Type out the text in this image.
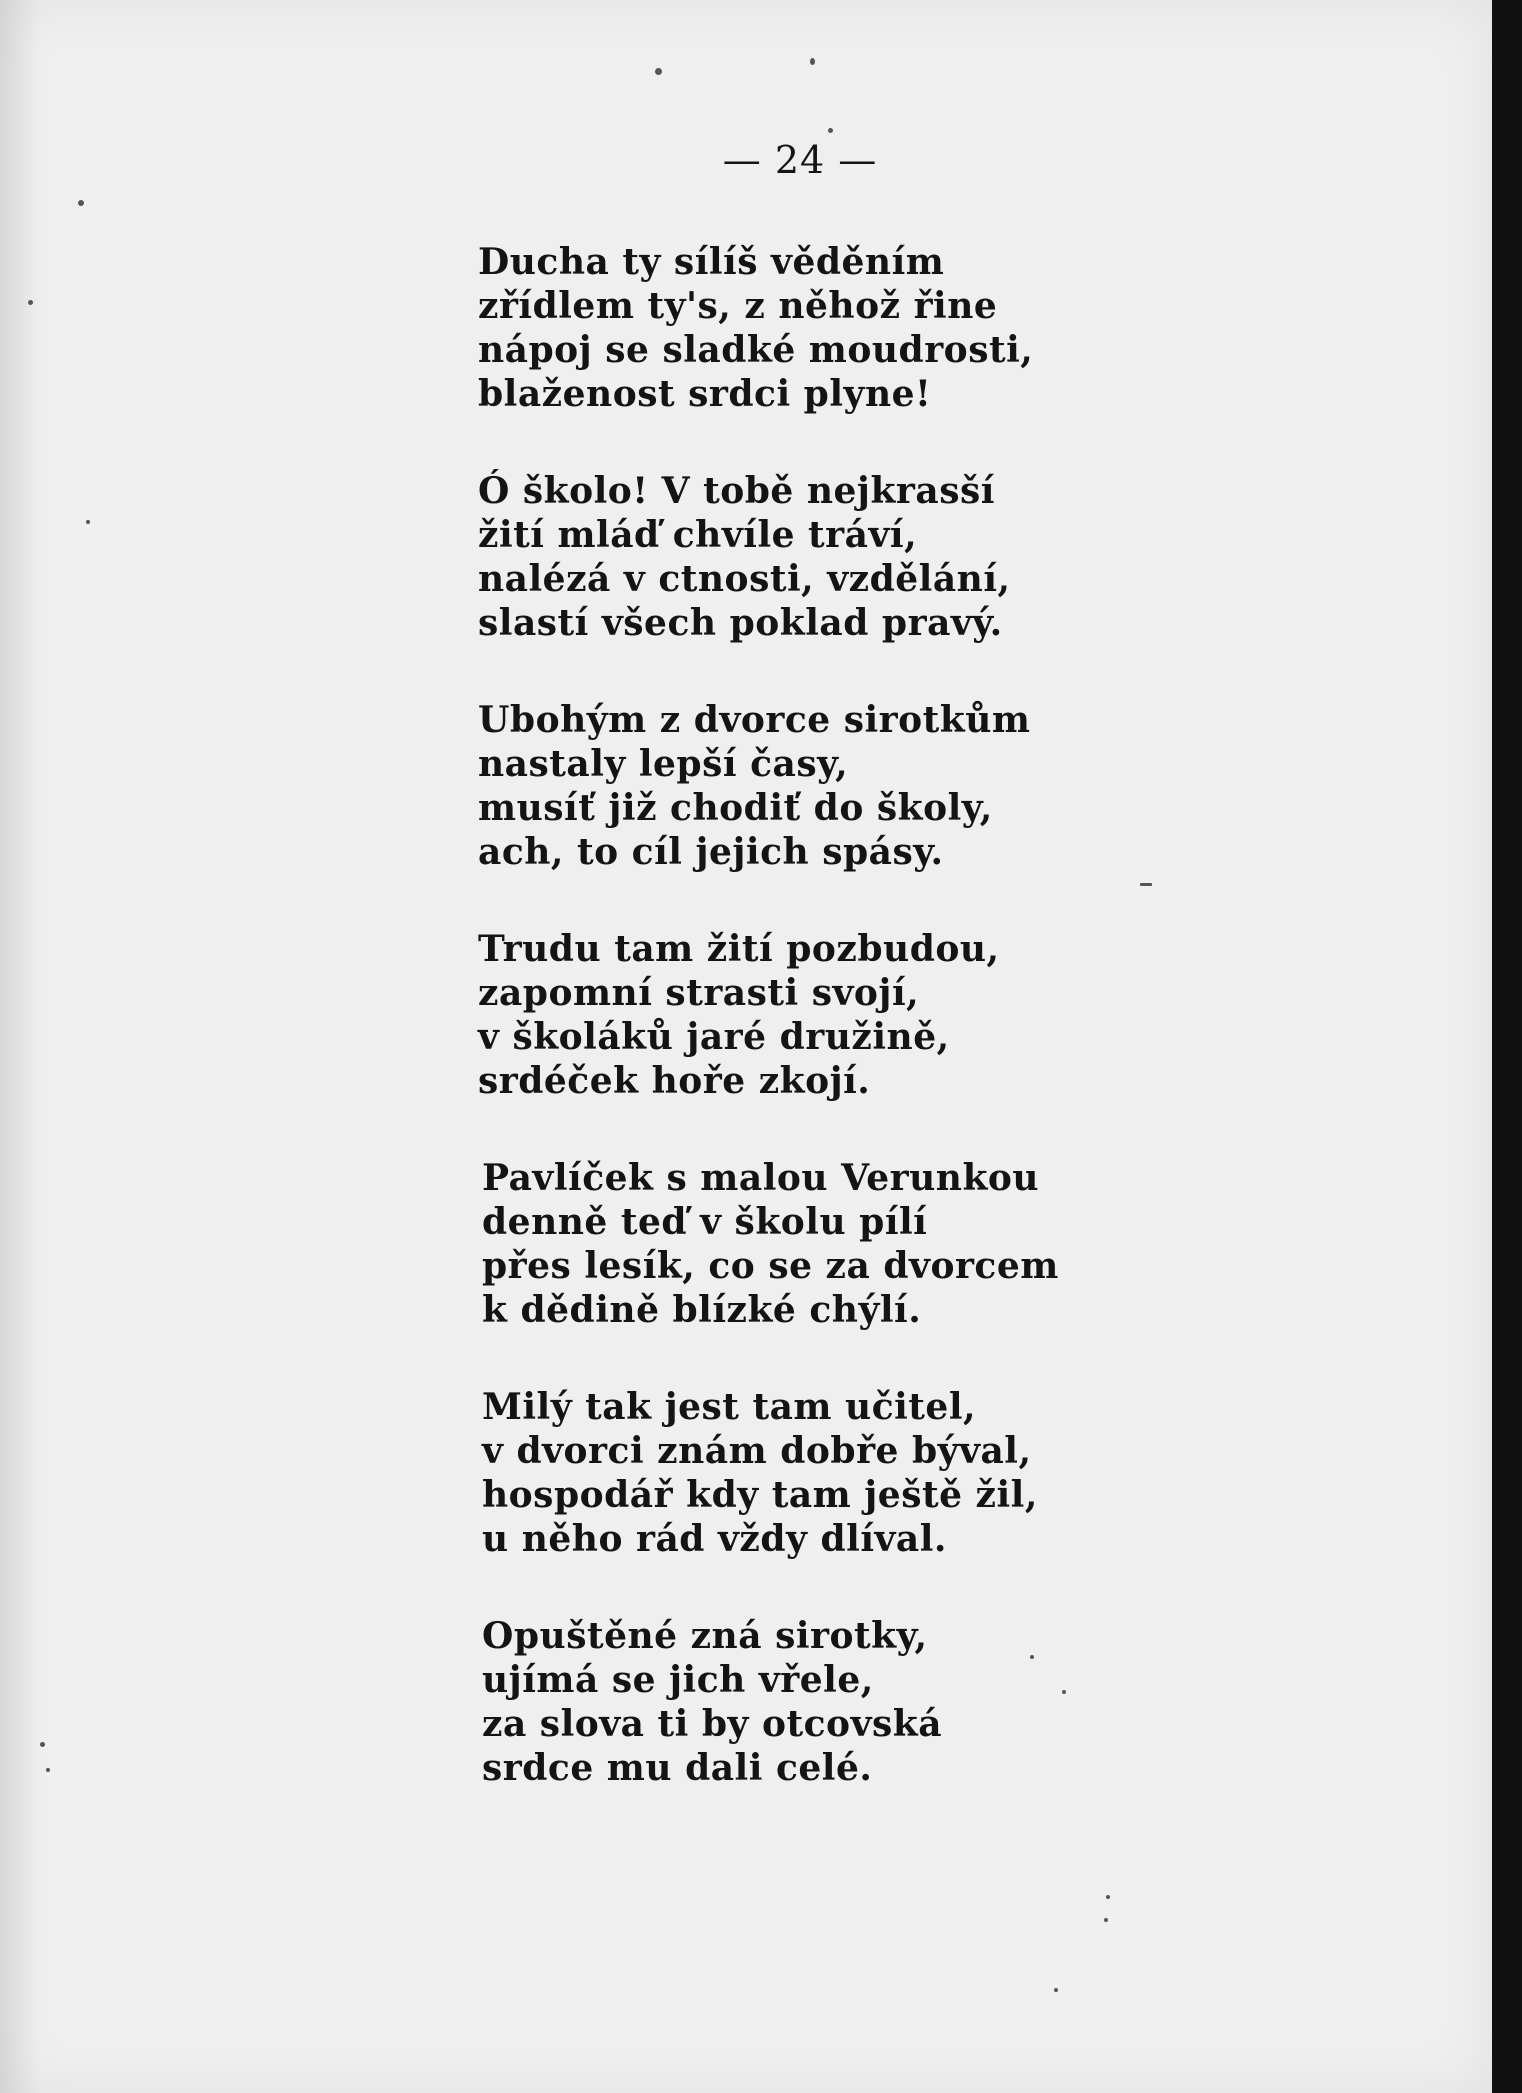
— 24 —
Ducha ty sílíš věděním
zřídlem ty's, z něhož řine
nápoj se sladké moudrosti,
blaženost srdci plyne!
Ó školo! V tobě nejkrasší
žití mláď chvíle tráví,
nalézá v ctnosti, vzdělání,
slastí všech poklad pravý.
Ubohým z dvorce sirotkům
nastaly lepší časy,
musíť již chodiť do školy,
ach, to cíl jejich spásy.
Trudu tam žití pozbudou,
zapomní strasti svojí,
v školáků jaré družině,
srdéček hoře zkojí.
Pavlíček s malou Verunkou
denně teď v školu pílí
přes lesík, co se za dvorcem
k dědině blízké chýlí.
Milý tak jest tam učitel,
v dvorci znám dobře býval,
hospodář kdy tam ještě žil,
u něho rád vždy dlíval.
Opuštěné zná sirotky,
ujímá se jich vřele,
za slova ti by otcovská
srdce mu dali celé.
